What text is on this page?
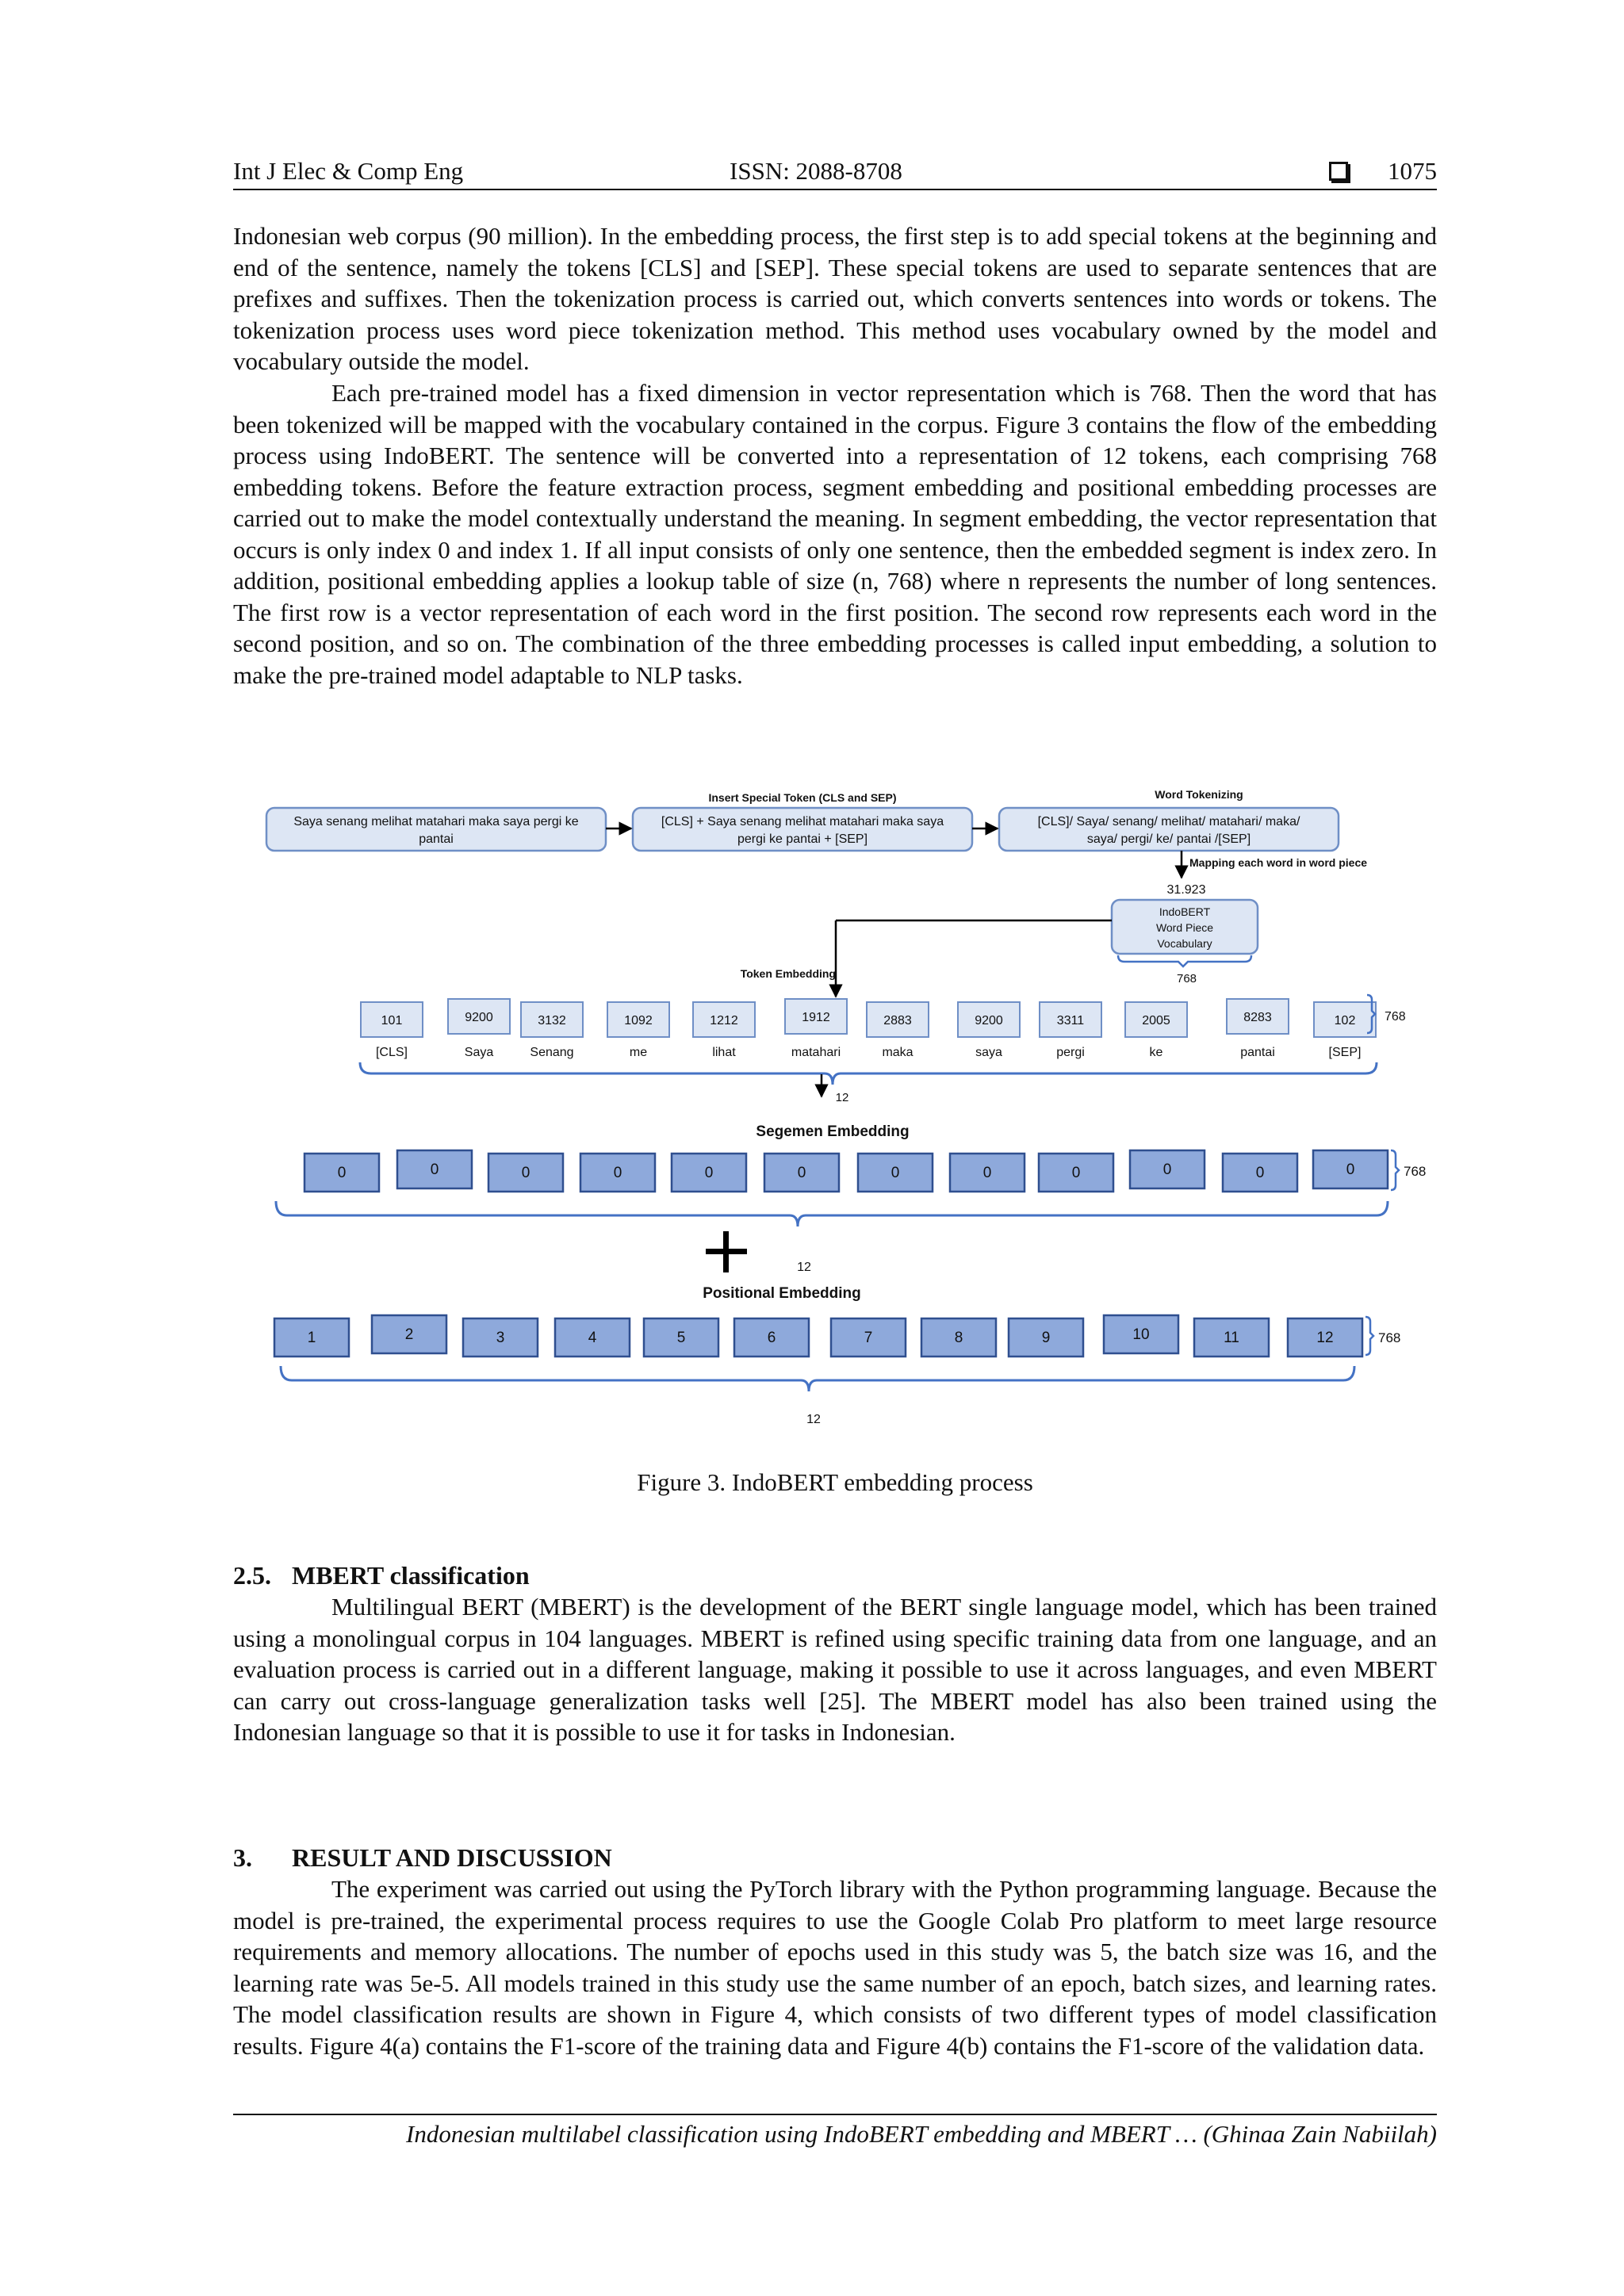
Int J Elec & Comp Eng	ISSN: 2088-8708	1075

Indonesian web corpus (90 million). In the embedding process, the first step is to add special tokens at the beginning and end of the sentence, namely the tokens [CLS] and [SEP]. These special tokens are used to separate sentences that are prefixes and suffixes. Then the tokenization process is carried out, which converts sentences into words or tokens. The tokenization process uses word piece tokenization method. This method uses vocabulary owned by the model and vocabulary outside the model.

Each pre-trained model has a fixed dimension in vector representation which is 768. Then the word that has been tokenized will be mapped with the vocabulary contained in the corpus. Figure 3 contains the flow of the embedding process using IndoBERT. The sentence will be converted into a representation of 12 tokens, each comprising 768 embedding tokens. Before the feature extraction process, segment embedding and positional embedding processes are carried out to make the model contextually understand the meaning. In segment embedding, the vector representation that occurs is only index 0 and index 1. If all input consists of only one sentence, then the embedded segment is index zero. In addition, positional embedding applies a lookup table of size (n, 768) where n represents the number of long sentences. The first row is a vector representation of each word in the first position. The second row represents each word in the second position, and so on. The combination of the three embedding processes is called input embedding, a solution to make the pre-trained model adaptable to NLP tasks.

Saya senang melihat matahari maka saya pergi ke
pantai
[CLS] + Saya senang melihat matahari maka saya
pergi ke pantai + [SEP]
[CLS]/ Saya/ senang/ melihat/ matahari/ maka/
saya/ pergi/ ke/ pantai /[SEP]
Insert Special Token (CLS and SEP)	Word Tokenizing
Mapping each word in word piece
31.923
IndoBERT
Word Piece
Vocabulary
768
Token Embedding
101
[CLS]
9200
Saya
3132
Senang
1092
me
1212
lihat
1912
matahari
2883
maka
9200
saya
3311
pergi
2005
ke
8283
pantai
102
[SEP]
768
12
Segemen Embedding
0	0	0	0	0	0	0	0	0	0	0	0	768
12
Positional Embedding
1	2	3	4	5	6	7	8	9	10	11	12	768
12
Figure 3. IndoBERT embedding process
2.5. MBERT classification

Multilingual BERT (MBERT) is the development of the BERT single language model, which has been trained using a monolingual corpus in 104 languages. MBERT is refined using specific training data from one language, and an evaluation process is carried out in a different language, making it possible to use it across languages, and even MBERT can carry out cross-language generalization tasks well [25]. The MBERT model has also been trained using the Indonesian language so that it is possible to use it for tasks in Indonesian.

3. RESULT AND DISCUSSION

The experiment was carried out using the PyTorch library with the Python programming language. Because the model is pre-trained, the experimental process requires to use the Google Colab Pro platform to meet large resource requirements and memory allocations. The number of epochs used in this study was 5, the batch size was 16, and the learning rate was 5e-5. All models trained in this study use the same number of an epoch, batch sizes, and learning rates. The model classification results are shown in Figure 4, which consists of two different types of model classification results. Figure 4(a) contains the F1-score of the training data and Figure 4(b) contains the F1-score of the validation data.

Indonesian multilabel classification using IndoBERT embedding and MBERT … (Ghinaa Zain Nabiilah)
